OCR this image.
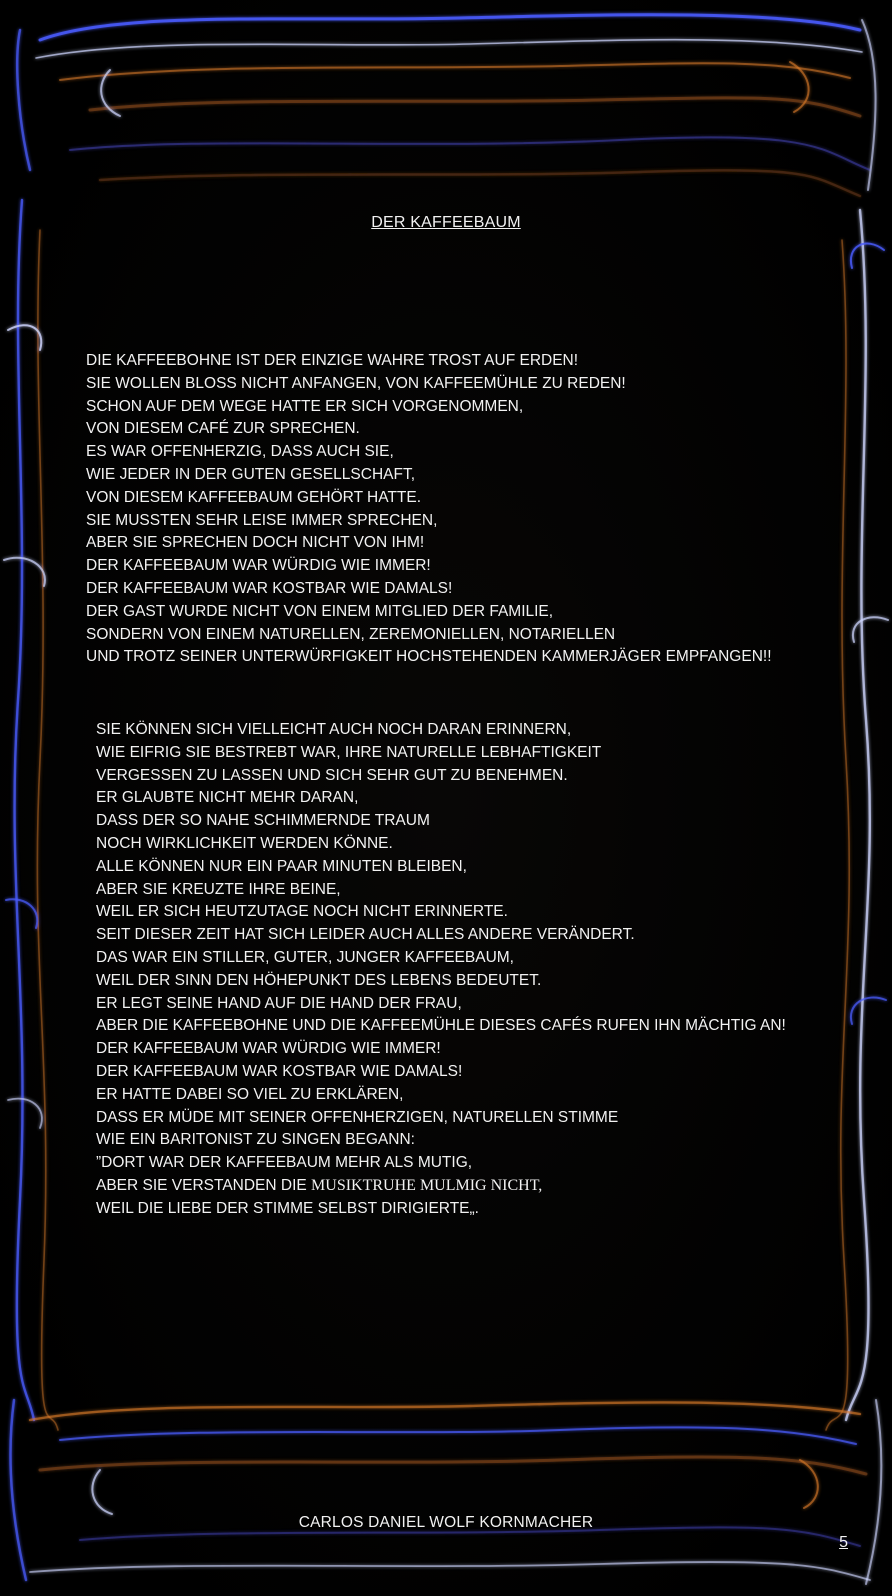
DER KAFFEEBAUM
DIE KAFFEEBOHNE IST DER EINZIGE WAHRE TROST AUF ERDEN!
SIE WOLLEN BLOSS NICHT ANFANGEN, VON KAFFEEMÜHLE ZU REDEN!
SCHON AUF DEM WEGE HATTE ER SICH VORGENOMMEN,
VON DIESEM CAFÉ ZUR SPRECHEN.
ES WAR OFFENHERZIG, DASS AUCH SIE,
WIE JEDER IN DER GUTEN GESELLSCHAFT,
VON DIESEM KAFFEEBAUM GEHÖRT HATTE.
SIE MUSSTEN SEHR LEISE IMMER SPRECHEN,
ABER SIE SPRECHEN DOCH NICHT VON IHM!
DER KAFFEEBAUM WAR WÜRDIG WIE IMMER!
DER KAFFEEBAUM WAR KOSTBAR WIE DAMALS!
DER GAST WURDE NICHT VON EINEM MITGLIED DER FAMILIE,
SONDERN VON EINEM NATURELLEN, ZEREMONIELLEN, NOTARIELLEN
UND TROTZ SEINER UNTERWÜRFIGKEIT HOCHSTEHENDEN KAMMERJÄGER EMPFANGEN!!
SIE KÖNNEN SICH VIELLEICHT AUCH NOCH DARAN ERINNERN,
WIE EIFRIG SIE BESTREBT WAR, IHRE NATURELLE LEBHAFTIGKEIT
VERGESSEN ZU LASSEN UND SICH SEHR GUT ZU BENEHMEN.
ER GLAUBTE NICHT MEHR DARAN,
DASS DER SO NAHE SCHIMMERNDE TRAUM
NOCH WIRKLICHKEIT WERDEN KÖNNE.
ALLE KÖNNEN NUR EIN PAAR MINUTEN BLEIBEN,
ABER SIE KREUZTE IHRE BEINE,
WEIL ER SICH HEUTZUTAGE NOCH NICHT ERINNERTE.
SEIT DIESER ZEIT HAT SICH LEIDER AUCH ALLES ANDERE VERÄNDERT.
DAS WAR EIN STILLER, GUTER, JUNGER KAFFEEBAUM,
WEIL DER SINN DEN HÖHEPUNKT DES LEBENS BEDEUTET.
ER LEGT SEINE HAND AUF DIE HAND DER FRAU,
ABER DIE KAFFEEBOHNE UND DIE KAFFEEMÜHLE DIESES CAFÉS RUFEN IHN MÄCHTIG AN!
DER KAFFEEBAUM WAR WÜRDIG WIE IMMER!
DER KAFFEEBAUM WAR KOSTBAR WIE DAMALS!
ER HATTE DABEI SO VIEL ZU ERKLÄREN,
DASS ER MÜDE MIT SEINER OFFENHERZIGEN, NATURELLEN STIMME
WIE EIN BARITONIST ZU SINGEN BEGANN:
”DORT WAR DER KAFFEEBAUM MEHR ALS MUTIG,
ABER SIE VERSTANDEN DIE MUSIKTRUHE MULMIG NICHT,
WEIL DIE LIEBE DER STIMME SELBST DIRIGIERTE„.
CARLOS DANIEL WOLF KORNMACHER
5
